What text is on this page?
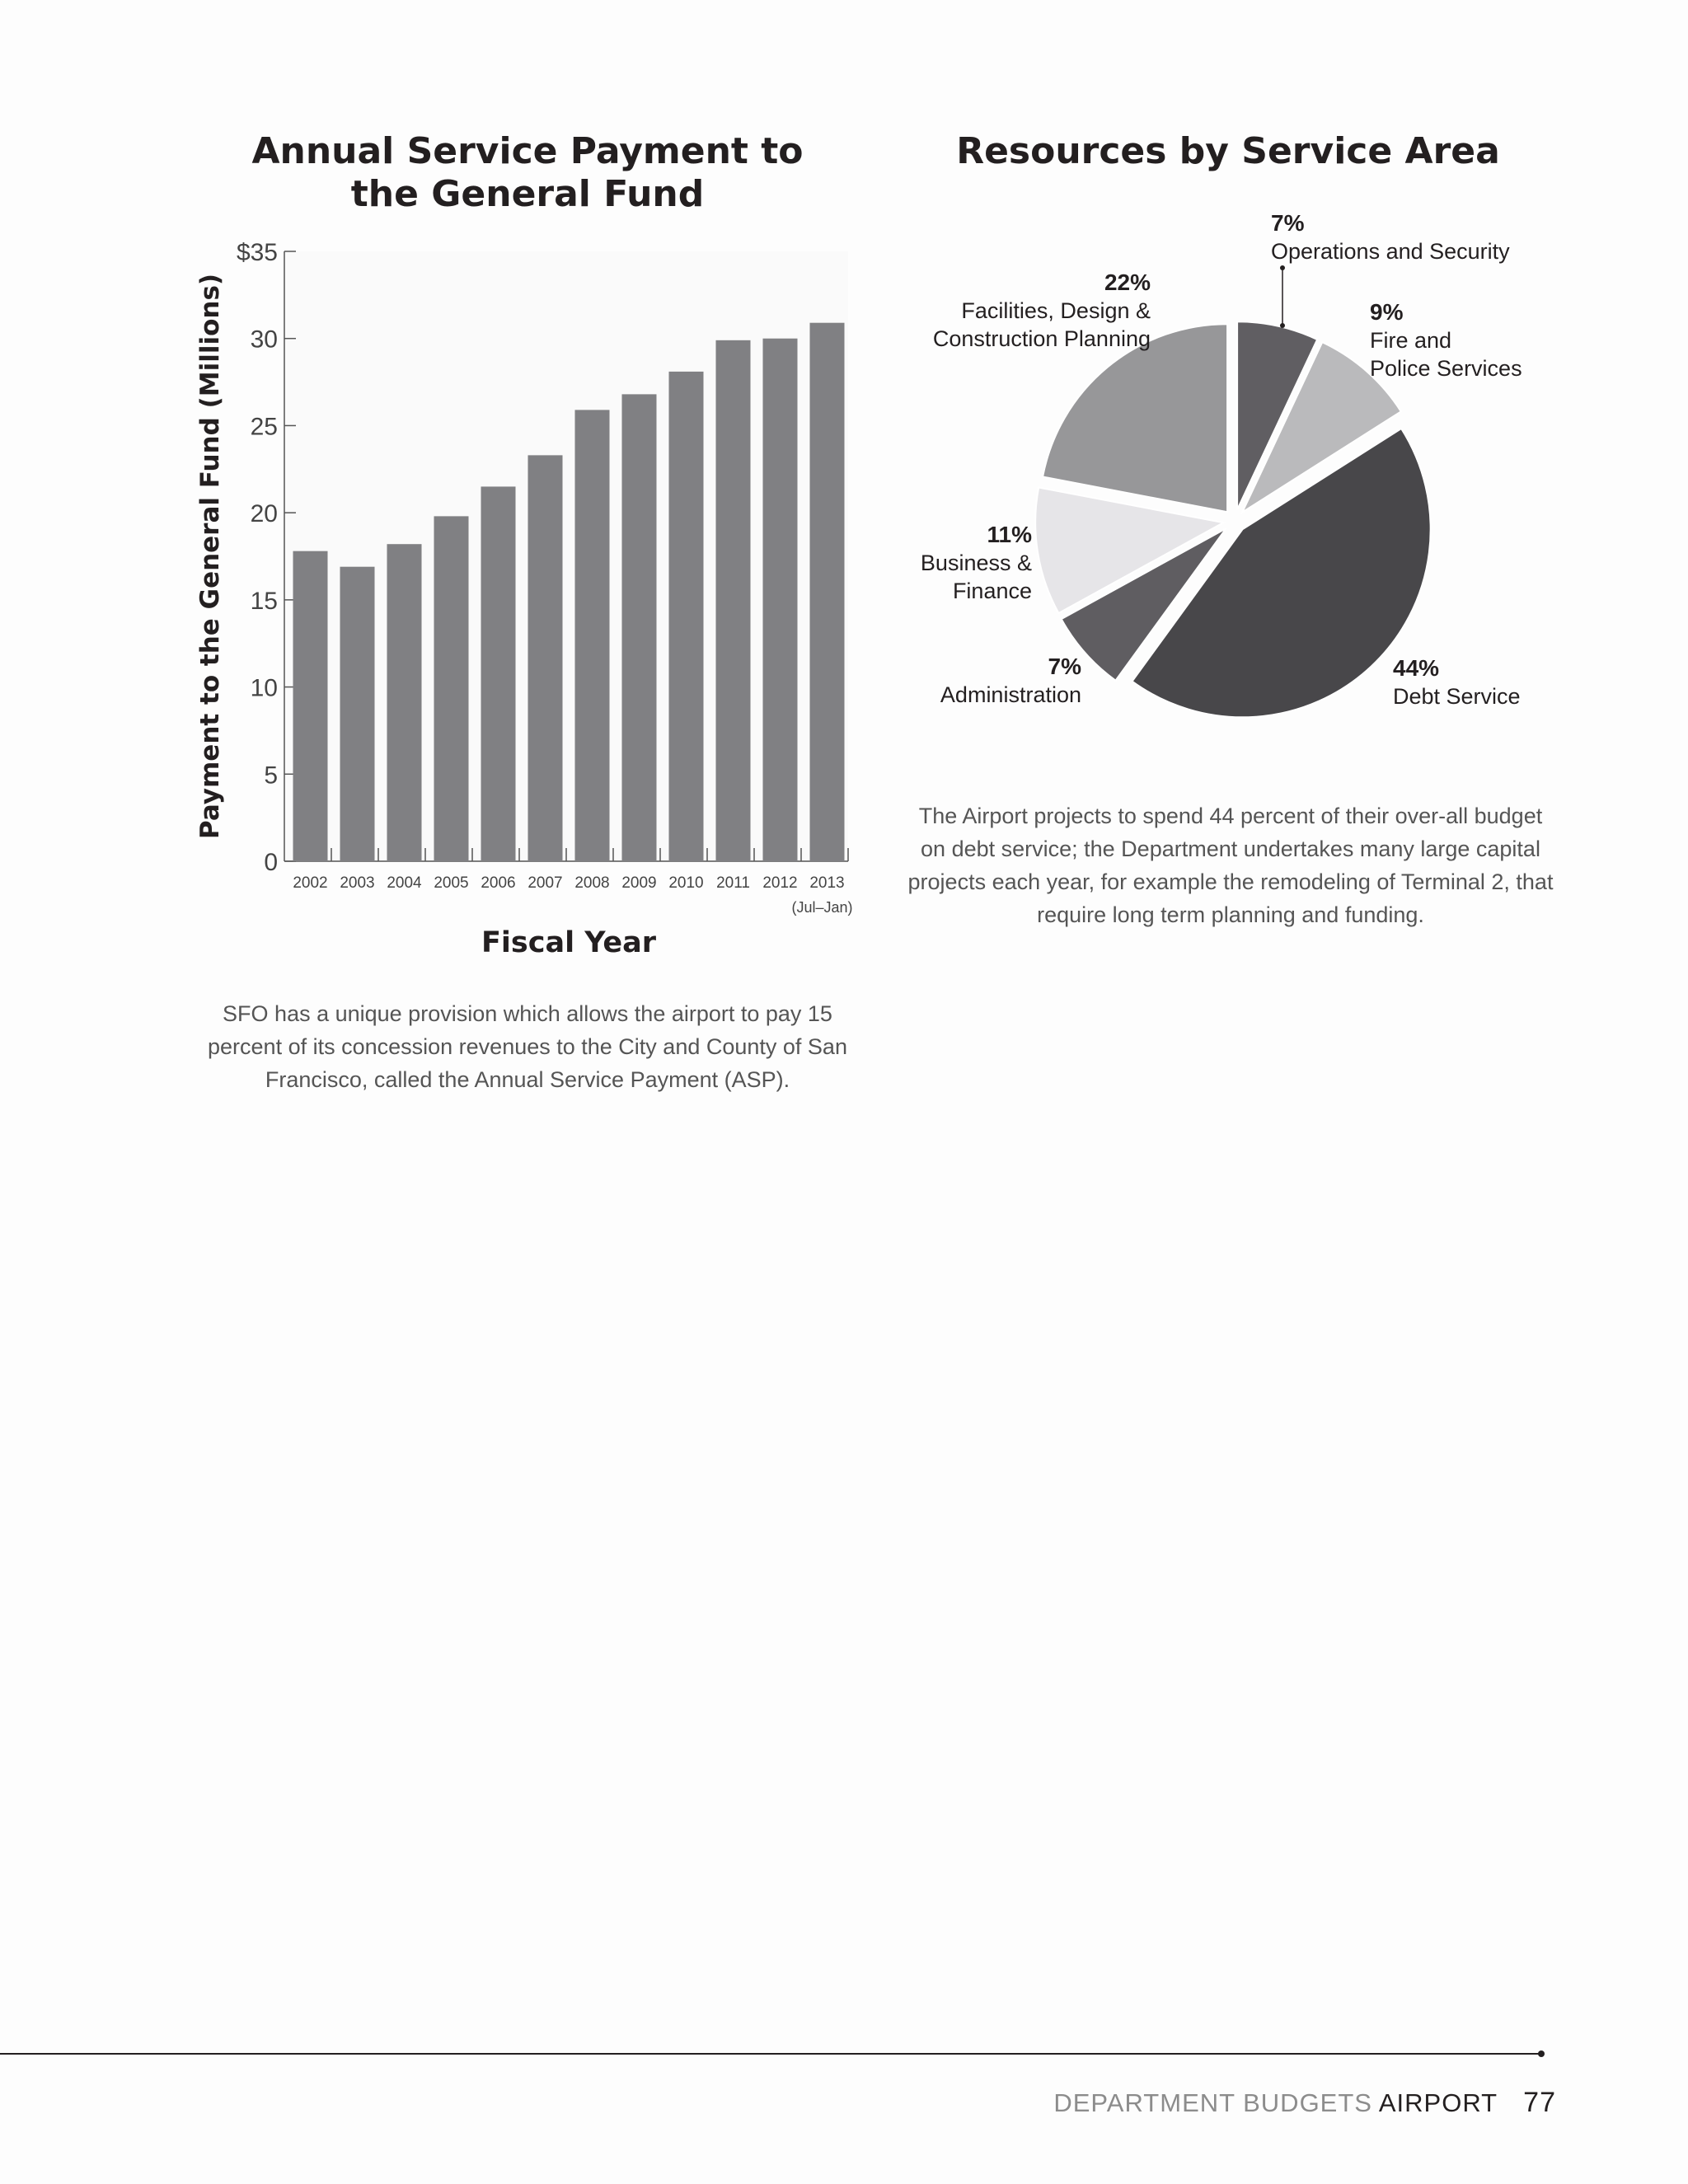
Annual Service Payment to
the General Fund
0
5
10
15
20
25
30
$35
2002 2003 2004 2005 2006 2007 2008 2009 2010 2011 2012 2013
(Jul–Jan)
Fiscal Year
Payment to the General Fund (Millions)
Resources by Service Area
7%
Operations and Security
9%
Fire and
Police Services
44%
Debt Service
7%
Administration
11%
Business &
Finance
22%
Facilities, Design &
Construction Planning

SFO has a unique provision which allows the airport to pay 15 percent of its concession revenues to the City and County of San Francisco, called the Annual Service Payment (ASP).

The Airport projects to spend 44 percent of their over-all budget on debt service; the Department undertakes many large capital projects each year, for example the remodeling of Terminal 2, that require long term planning and funding.

DEPARTMENT BUDGETS AIRPORT 77
